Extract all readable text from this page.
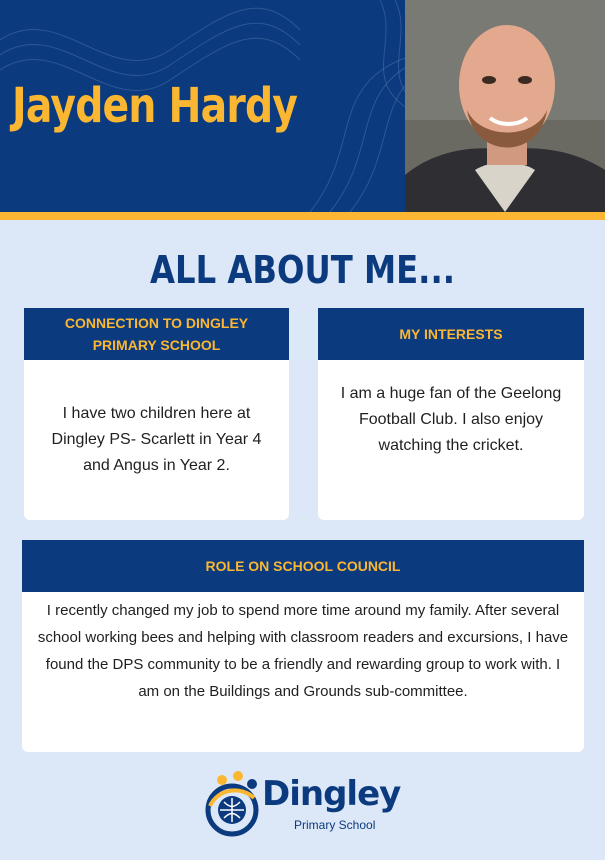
Jayden Hardy
ALL ABOUT ME...
CONNECTION TO DINGLEY
PRIMARY SCHOOL
I have two children here at Dingley PS- Scarlett in Year 4 and Angus in Year 2.
MY INTERESTS
I am a huge fan of the Geelong Football Club. I also enjoy watching the cricket.
ROLE ON SCHOOL COUNCIL
I recently changed my job to spend more time around my family. After several school working bees and helping with classroom readers and excursions, I have found the DPS community to be a friendly and rewarding group to work with. I am on the Buildings and Grounds sub-committee.
Dingley
Primary School
